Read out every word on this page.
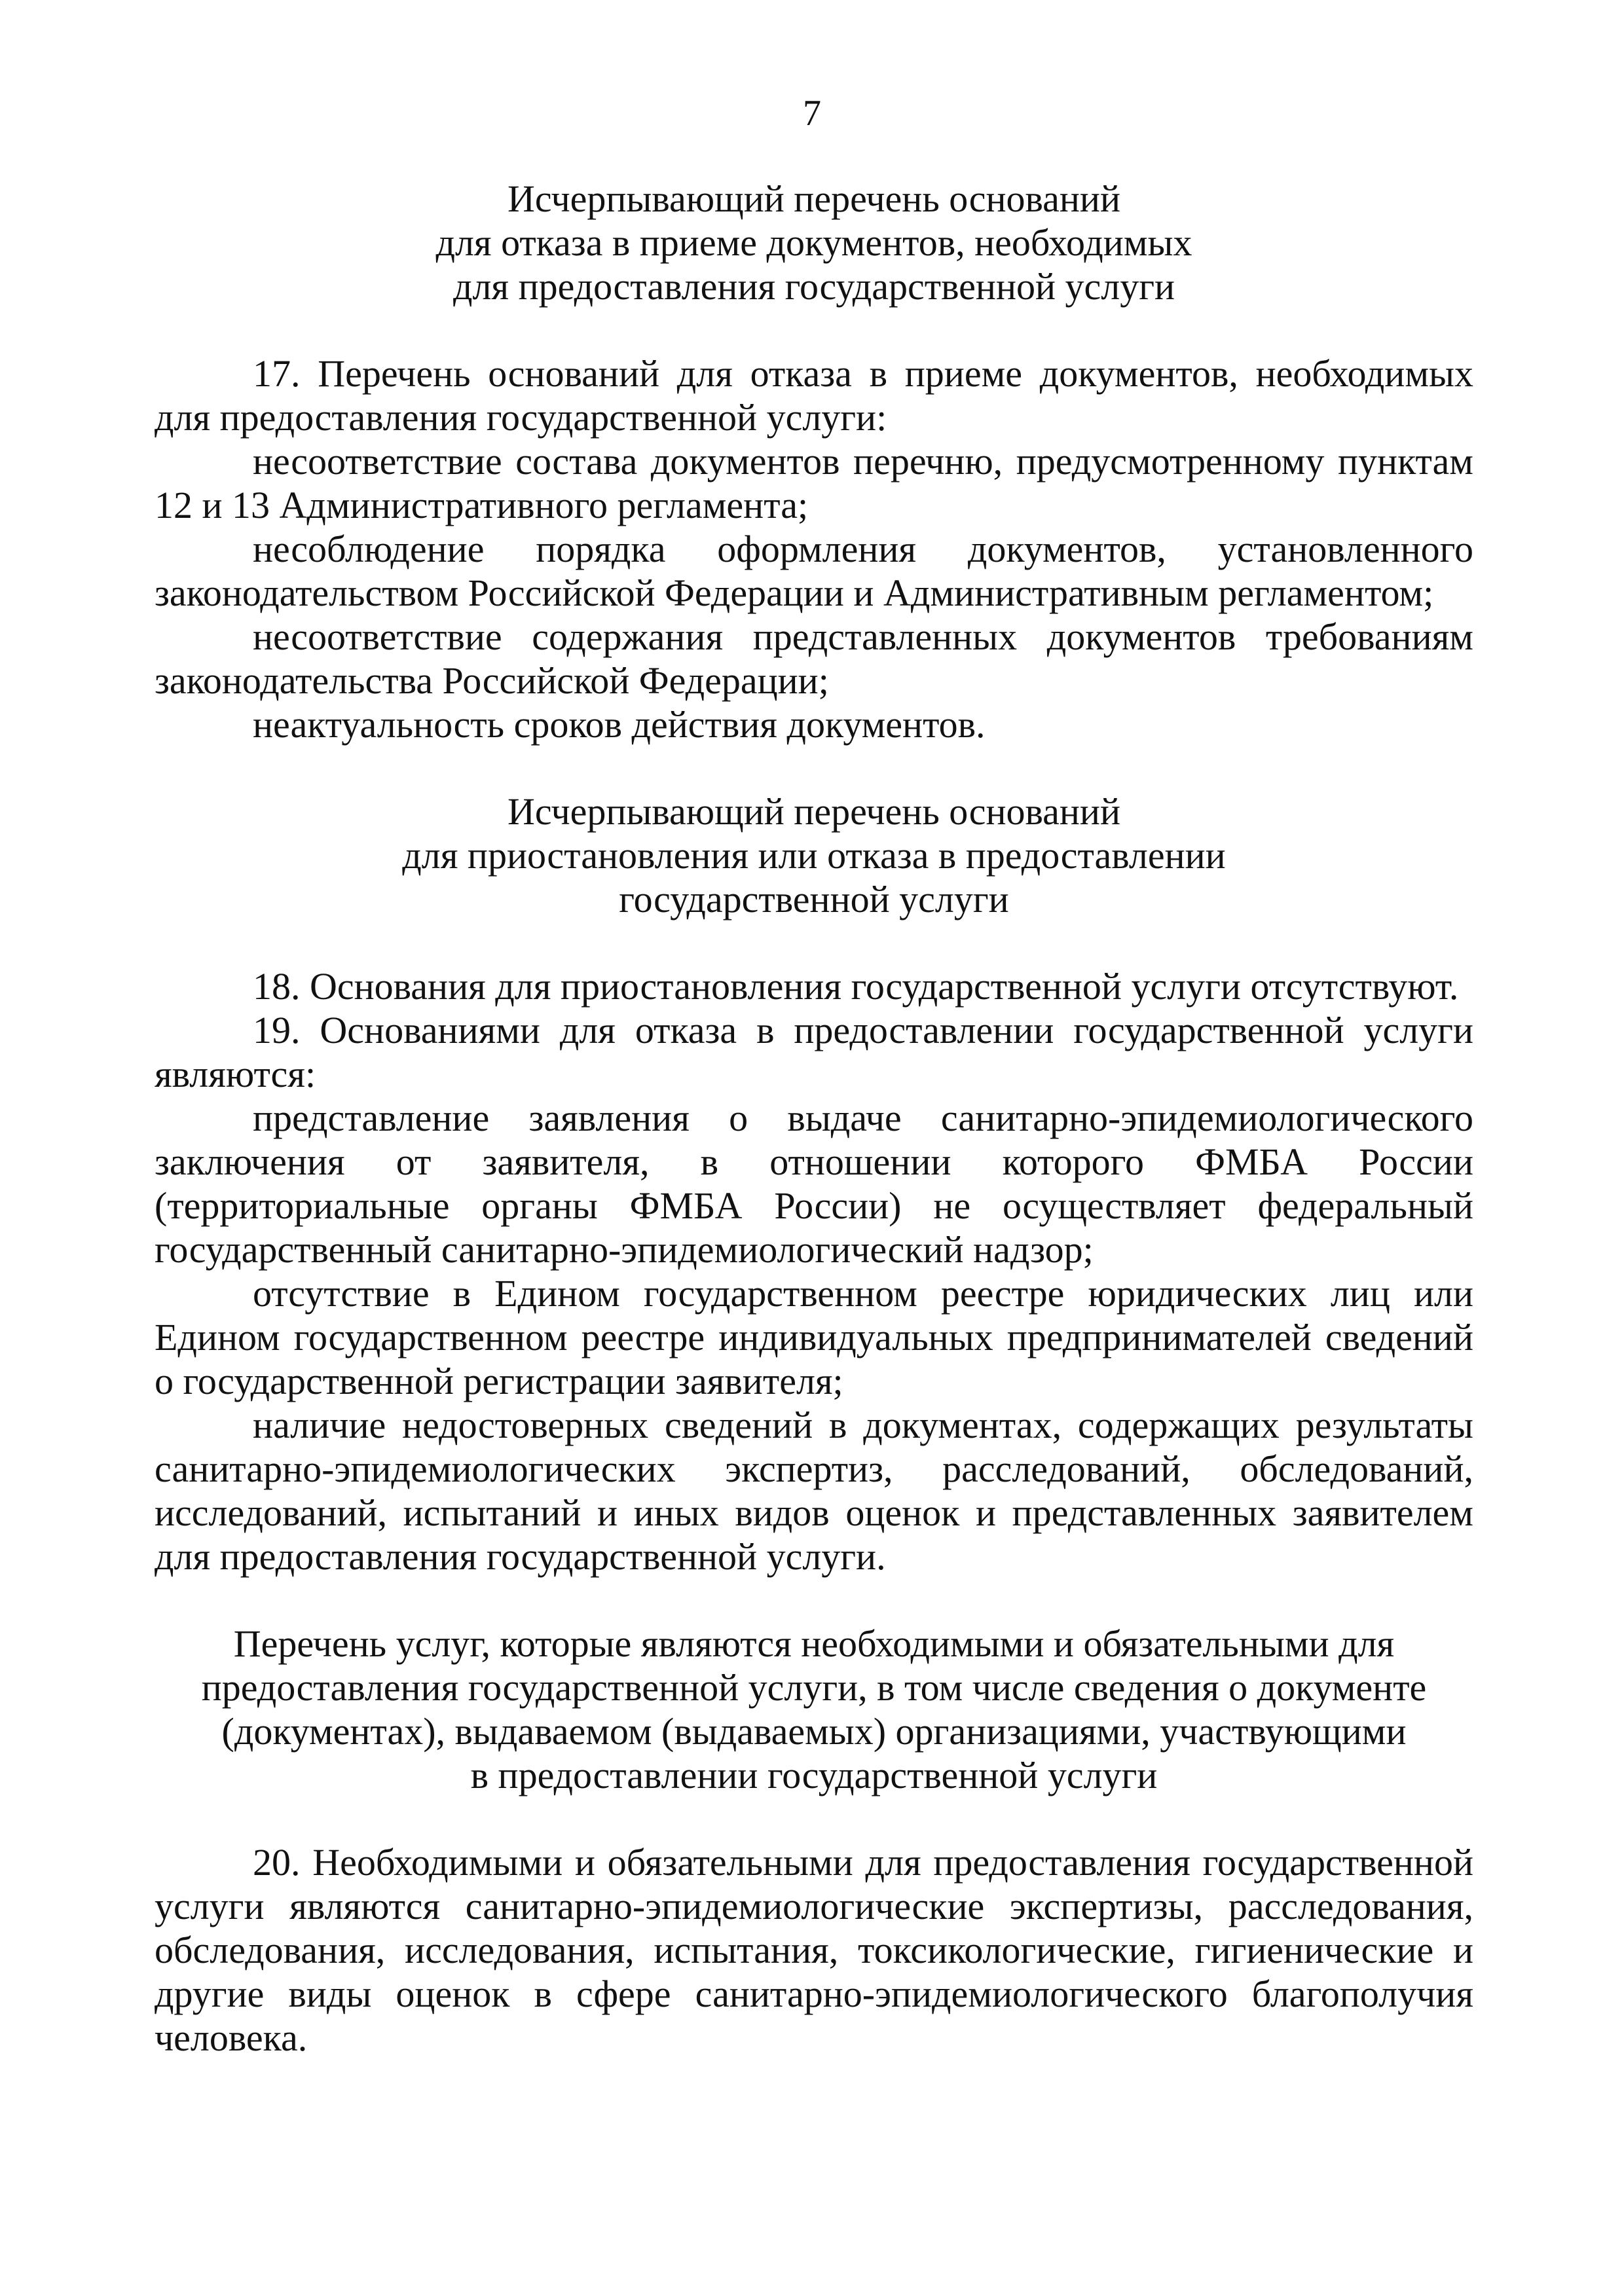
7
Исчерпывающий перечень оснований
для отказа в приеме документов, необходимых
для предоставления государственной услуги

17. Перечень оснований для отказа в приеме документов, необходимых для предоставления государственной услуги:

несоответствие состава документов перечню, предусмотренному пунктам 12 и 13 Административного регламента;

несоблюдение порядка оформления документов, установленного законодательством Российской Федерации и Административным регламентом;

несоответствие содержания представленных документов требованиям законодательства Российской Федерации;

неактуальность сроков действия документов.

Исчерпывающий перечень оснований
для приостановления или отказа в предоставлении
государственной услуги

18. Основания для приостановления государственной услуги отсутствуют.

19. Основаниями для отказа в предоставлении государственной услуги являются:

представление заявления о выдаче санитарно-эпидемиологического заключения от заявителя, в отношении которого ФМБА России (территориальные органы ФМБА России) не осуществляет федеральный государственный санитарно-эпидемиологический надзор;

отсутствие в Едином государственном реестре юридических лиц или Едином государственном реестре индивидуальных предпринимателей сведений о государственной регистрации заявителя;

наличие недостоверных сведений в документах, содержащих результаты санитарно-эпидемиологических экспертиз, расследований, обследований, исследований, испытаний и иных видов оценок и представленных заявителем для предоставления государственной услуги.

Перечень услуг, которые являются необходимыми и обязательными для
предоставления государственной услуги, в том числе сведения о документе
(документах), выдаваемом (выдаваемых) организациями, участвующими
в предоставлении государственной услуги

20. Необходимыми и обязательными для предоставления государственной услуги являются санитарно-эпидемиологические экспертизы, расследования, обследования, исследования, испытания, токсикологические, гигиенические и другие виды оценок в сфере санитарно-эпидемиологического благополучия человека.
